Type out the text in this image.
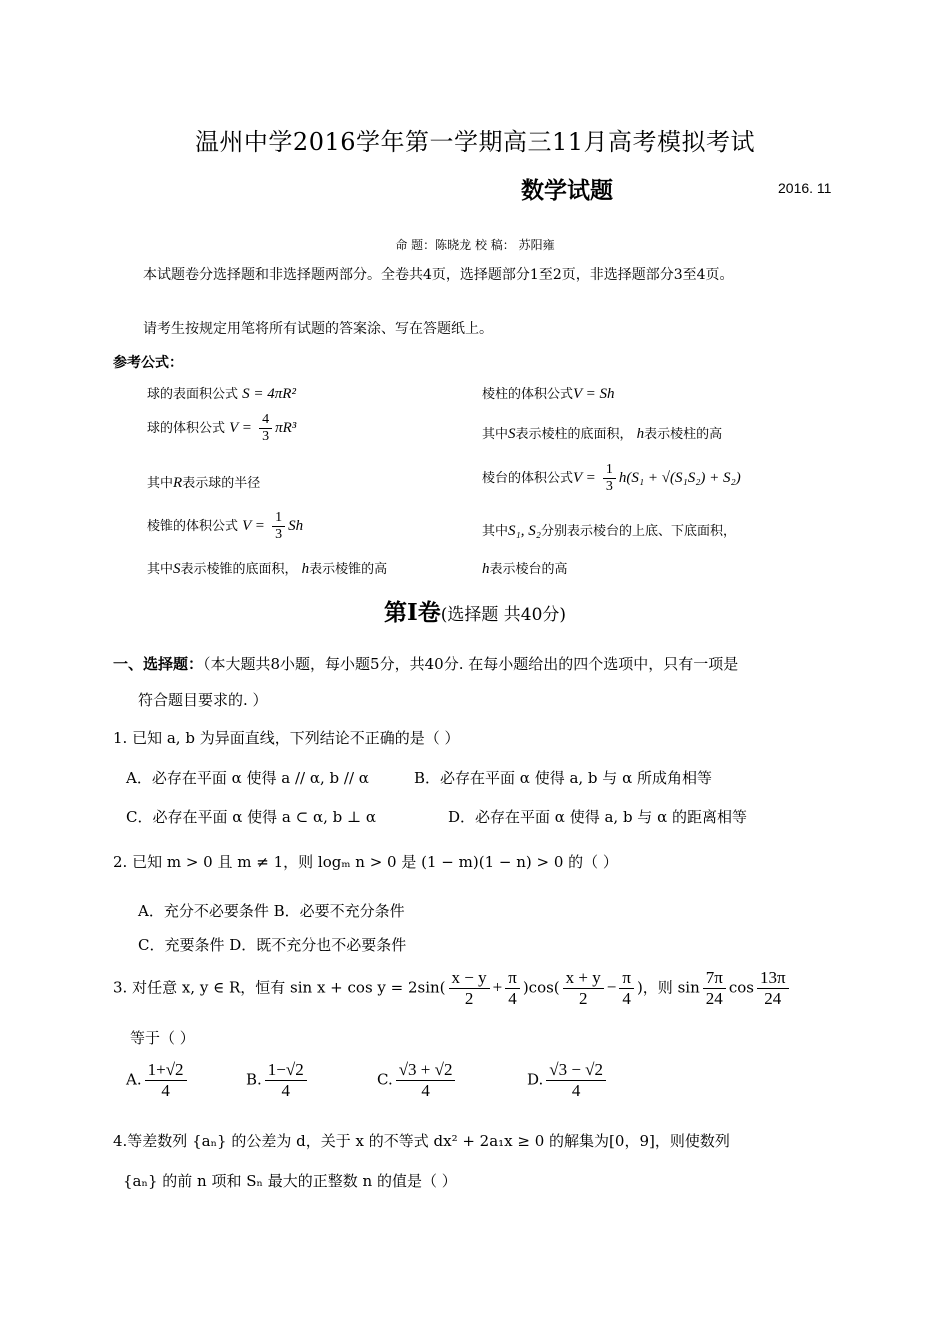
温州中学2016学年第一学期高三11月高考模拟考试
数学试题	2016. 11
命 题：陈晓龙 校 稿： 苏阳雍
本试题卷分选择题和非选择题两部分。全卷共4页，选择题部分1至2页，非选择题部分3至4页。
请考生按规定用笔将所有试题的答案涂、写在答题纸上。
参考公式：
球的表面积公式 S = 4πR²	棱柱的体积公式V = Sh
球的体积公式 $V = \frac{4}{3} \pi R^3$	其中S表示棱柱的底面积， h表示棱柱的高
其中R表示球的半径	棱台的体积公式$V = \frac{1}{3} h(S_1 + √(S_1S_2) + S_2)$
棱锥的体积公式 $V = \frac{1}{3}$ Sh	其中S₁, S₂分别表示棱台的上底、下底面积，
其中S表示棱锥的底面积， h表示棱锥的高	h表示棱台的高
第I卷(选择题 共40分)
一、选择题：（本大题共8小题，每小题5分，共40分. 在每小题给出的四个选项中，只有一项是
符合题目要求的. ）
1. 已知 a, b 为异面直线，下列结论不正确的是（ ）
A．必存在平面 α 使得 a // α, b // α	B．必存在平面 α 使得 a, b 与 α 所成角相等
C．必存在平面 α 使得 a ⊂ α, b ⊥ α	D．必存在平面 α 使得 a, b 与 α 的距离相等
2. 已知 m > 0 且 m ≠ 1，则 logₘ n > 0 是 (1 − m)(1 − n) > 0 的（ ）
A．充分不必要条件 B．必要不充分条件
C．充要条件 D．既不充分也不必要条件
3. 对任意 x, y ∈ R，恒有 $\sin x + \cos y = 2\sin( \frac{x - y}{2} + \frac{\pi}{4} )\cos( \frac{x + y}{2} - \frac{\pi}{4}$ )，则 $\sin \frac{7\pi}{24}$ $\cos \frac{13\pi}{24}$
等于（ ）
A. $\frac{1+√2}{4}$	B. $\frac{1-√2}{4}$	C. $\frac{√3 + √2}{4}$	D. $\frac{√3 - √2}{4}$
4.等差数列 {aₙ} 的公差为 d，关于 x 的不等式 dx² + 2a₁x ≥ 0 的解集为[0，9]，则使数列
{aₙ} 的前 n 项和 Sₙ 最大的正整数 n 的值是（ ）
